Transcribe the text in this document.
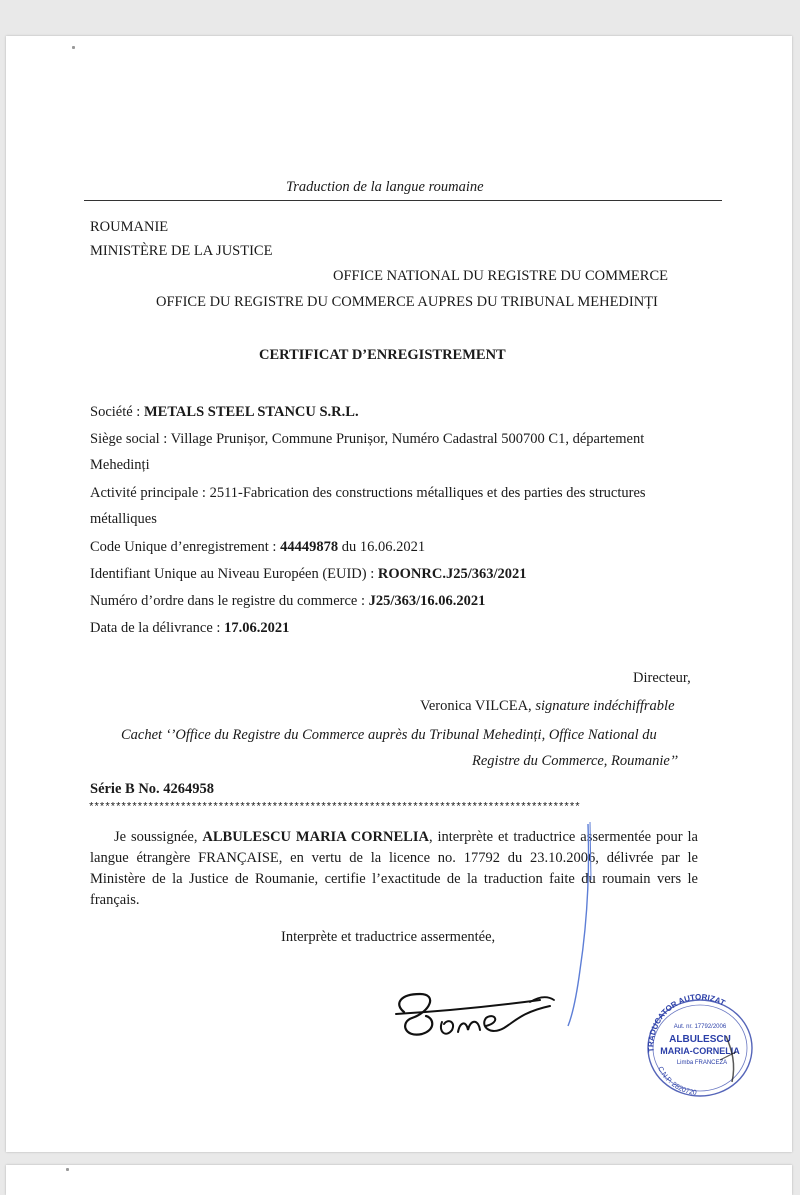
Traduction de la langue roumaine
ROUMANIE
MINISTÈRE DE LA JUSTICE
OFFICE NATIONAL DU REGISTRE DU COMMERCE
OFFICE DU REGISTRE DU COMMERCE AUPRES DU TRIBUNAL MEHEDINȚI
CERTIFICAT D’ENREGISTREMENT
Société : METALS STEEL STANCU S.R.L.
Siège social : Village Prunișor, Commune Prunișor, Numéro Cadastral 500700 C1, département
Mehedinți
Activité principale : 2511-Fabrication des constructions métalliques et des parties des structures
métalliques
Code Unique d’enregistrement : 44449878 du 16.06.2021
Identifiant Unique au Niveau Européen (EUID) : ROONRC.J25/363/2021
Numéro d’ordre dans le registre du commerce : J25/363/16.06.2021
Data de la délivrance : 17.06.2021
Directeur,
Veronica VILCEA, signature indéchiffrable
Cachet ‘’Office du Registre du Commerce auprès du Tribunal Mehedinți, Office National du
Registre du Commerce, Roumanie’’
Série B No. 4264958
*******************************************************************************************
Je soussignée, ALBULESCU MARIA CORNELIA, interprète et traductrice assermentée pour la langue étrangère FRANÇAISE, en vertu de la licence no. 17792 du 23.10.2006, délivrée par le Ministère de la Justice de Roumanie, certifie l’exactitude de la traduction faite du roumain vers le français.
Interprète et traductrice assermentée,
TRADUCATOR AUTORIZAT
C.N.P. 2820720
Aut. nr. 17792/2006
ALBULESCU
MARIA-CORNELIA
Limba FRANCEZA
